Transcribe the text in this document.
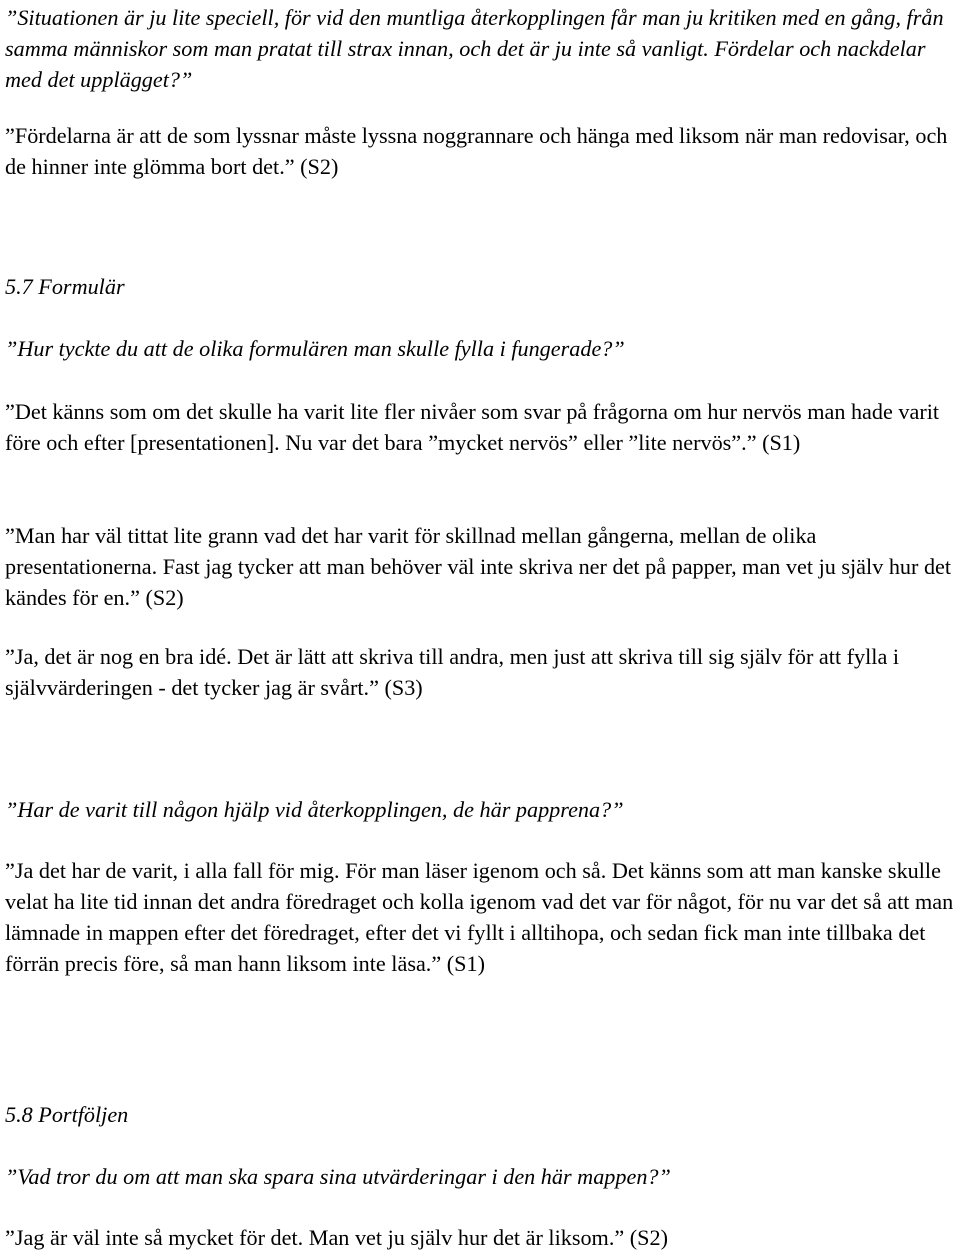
”Situationen är ju lite speciell, för vid den muntliga återkopplingen får man ju kritiken med en gång, från samma människor som man pratat till strax innan, och det är ju inte så vanligt. Fördelar och nackdelar med det upplägget?”

”Fördelarna är att de som lyssnar måste lyssna noggrannare och hänga med liksom när man redovisar, och de hinner inte glömma bort det.” (S2)

5.7 Formulär

”Hur tyckte du att de olika formulären man skulle fylla i fungerade?”

”Det känns som om det skulle ha varit lite fler nivåer som svar på frågorna om hur nervös man hade varit före och efter [presentationen]. Nu var det bara ”mycket nervös” eller ”lite nervös”.” (S1)

”Man har väl tittat lite grann vad det har varit för skillnad mellan gångerna, mellan de olika presentationerna. Fast jag tycker att man behöver väl inte skriva ner det på papper, man vet ju själv hur det kändes för en.” (S2)

”Ja, det är nog en bra idé. Det är lätt att skriva till andra, men just att skriva till sig själv för att fylla i självvärderingen - det tycker jag är svårt.” (S3)

”Har de varit till någon hjälp vid återkopplingen, de här papprena?”

”Ja det har de varit, i alla fall för mig. För man läser igenom och så. Det känns som att man kanske skulle velat ha lite tid innan det andra föredraget och kolla igenom vad det var för något, för nu var det så att man lämnade in mappen efter det föredraget, efter det vi fyllt i alltihopa, och sedan fick man inte tillbaka det förrän precis före, så man hann liksom inte läsa.” (S1)

5.8 Portföljen

”Vad tror du om att man ska spara sina utvärderingar i den här mappen?”

”Jag är väl inte så mycket för det. Man vet ju själv hur det är liksom.” (S2)
